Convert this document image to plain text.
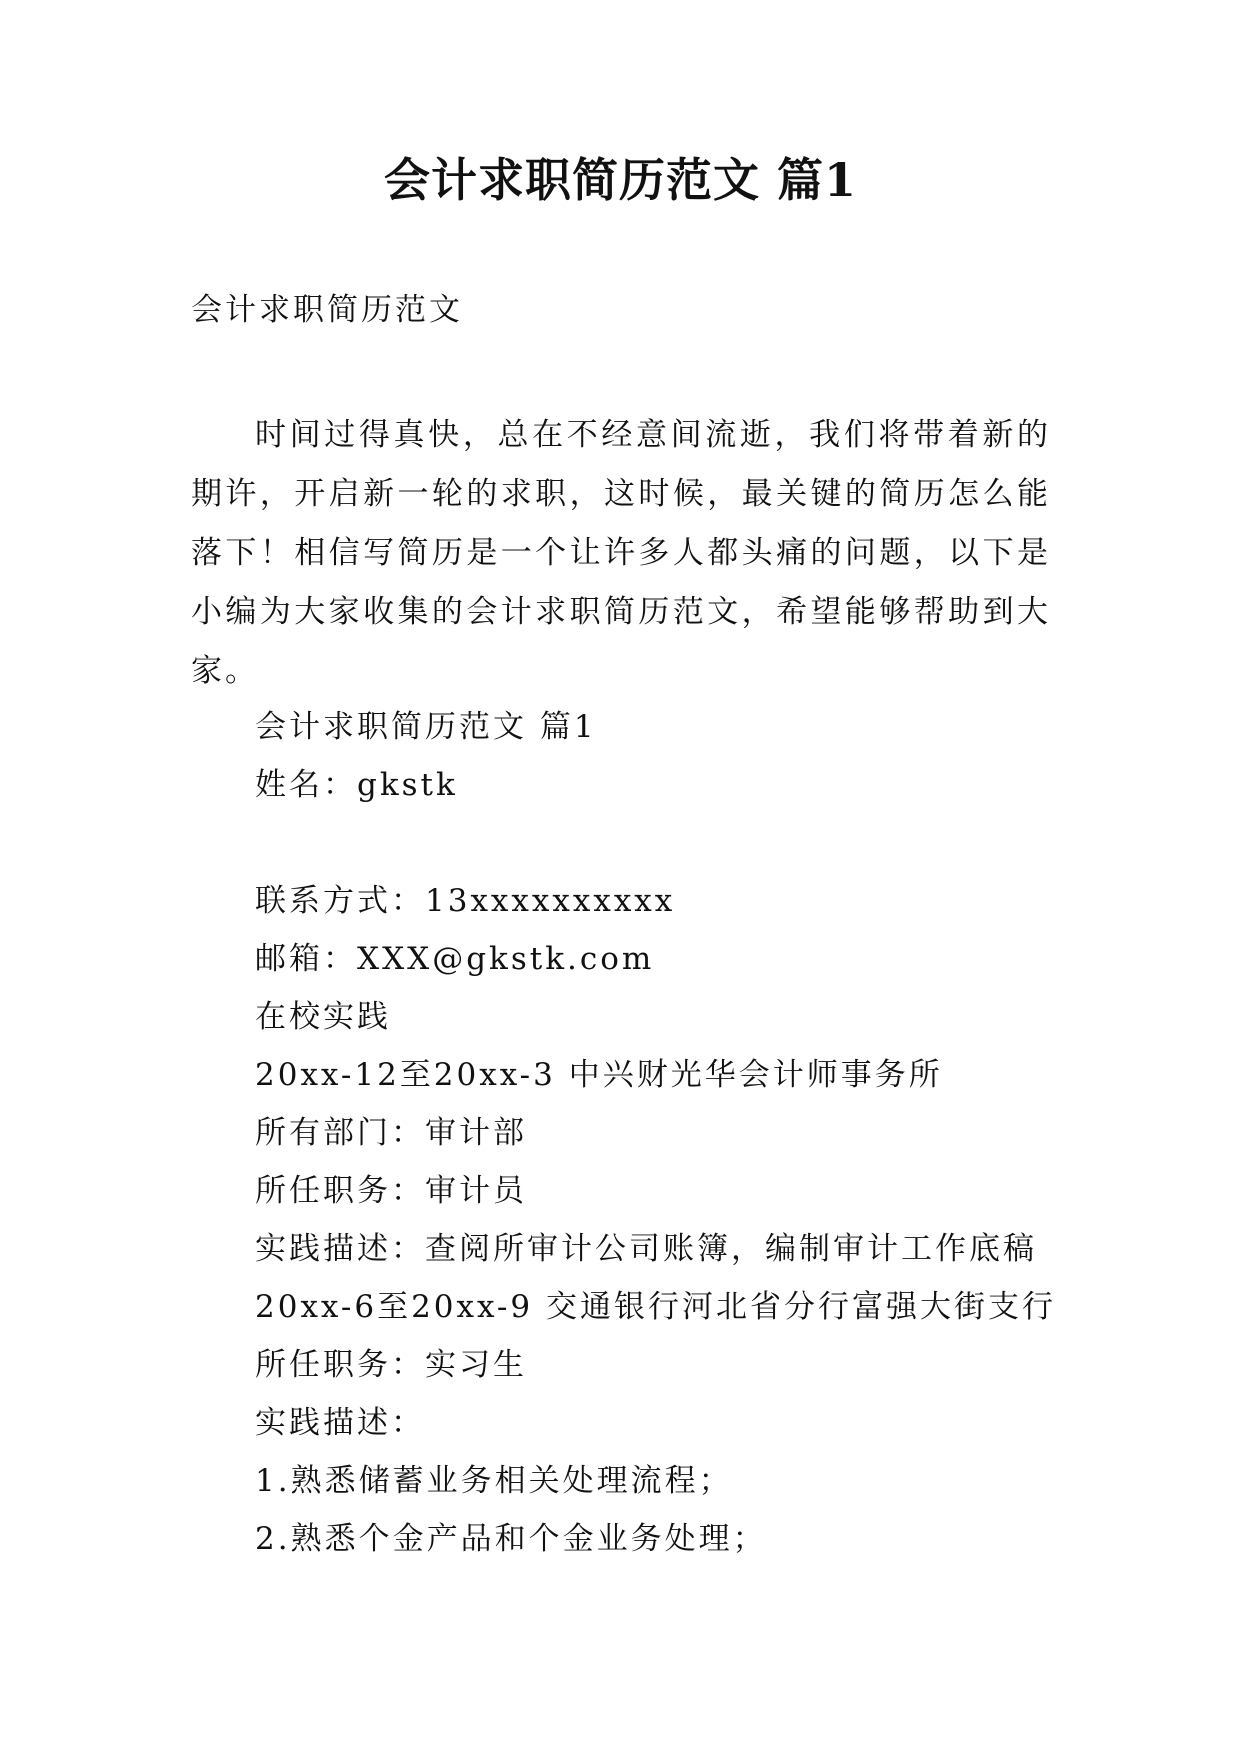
会计求职简历范文 篇1

会计求职简历范文

时间过得真快，总在不经意间流逝，我们将带着新的期许，开启新一轮的求职，这时候，最关键的简历怎么能落下！相信写简历是一个让许多人都头痛的问题，以下是小编为大家收集的会计求职简历范文，希望能够帮助到大家。

会计求职简历范文 篇1
姓名：gkstk
联系方式：13xxxxxxxxxx
邮箱：XXX@gkstk.com
在校实践
20xx-12至20xx-3 中兴财光华会计师事务所
所有部门：审计部
所任职务：审计员
实践描述：查阅所审计公司账簿，编制审计工作底稿
20xx-6至20xx-9 交通银行河北省分行富强大街支行
所任职务：实习生
实践描述：
1.熟悉储蓄业务相关处理流程；
2.熟悉个金产品和个金业务处理；
